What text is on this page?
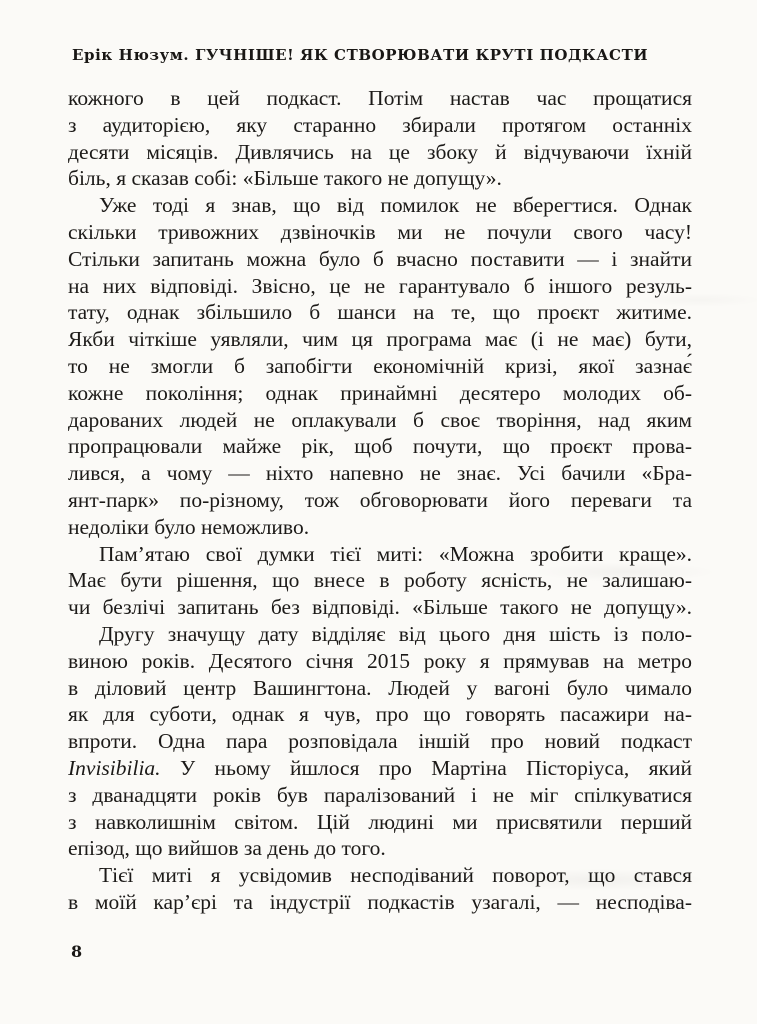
Ерік Нюзум. ГУЧНІШЕ! ЯК СТВОРЮВАТИ КРУТІ ПОДКАСТИ
кожного в цей подкаст. Потім настав час прощатися
з аудиторією, яку старанно збирали протягом останніх
десяти місяців. Дивлячись на це збоку й відчуваючи їхній
біль, я сказав собі: «Більше такого не допущу».
Уже тоді я знав, що від помилок не вберегтися. Однак
скільки тривожних дзвіночків ми не почули свого часу!
Стільки запитань можна було б вчасно поставити — і знайти
на них відповіді. Звісно, це не гарантувало б іншого резуль-
тату, однак збільшило б шанси на те, що проєкт житиме.
Якби чіткіше уявляли, чим ця програма має (і не має) бути,
то не змогли б запобігти економічній кризі, якої зазнає́
кожне покоління; однак принаймні десятеро молодих об-
дарованих людей не оплакували б своє творіння, над яким
пропрацювали майже рік, щоб почути, що проєкт прова-
лився, а чому — ніхто напевно не знає. Усі бачили «Бра-
янт-парк» по-різному, тож обговорювати його переваги та
недоліки було неможливо.
Пам’ятаю свої думки тієї миті: «Можна зробити краще».
Має бути рішення, що внесе в роботу ясність, не залишаю-
чи безлічі запитань без відповіді. «Більше такого не допущу».
Другу значущу дату відділяє від цього дня шість із поло-
виною років. Десятого січня 2015 року я прямував на метро
в діловий центр Вашингтона. Людей у вагоні було чимало
як для суботи, однак я чув, про що говорять пасажири на-
впроти. Одна пара розповідала іншій про новий подкаст
Invisibilia. У ньому йшлося про Мартіна Пісторіуса, який
з дванадцяти років був паралізований і не міг спілкуватися
з навколишнім світом. Цій людині ми присвятили перший
епізод, що вийшов за день до того.
Тієї миті я усвідомив несподіваний поворот, що стався
в моїй кар’єрі та індустрії подкастів узагалі, — несподіва-
8
